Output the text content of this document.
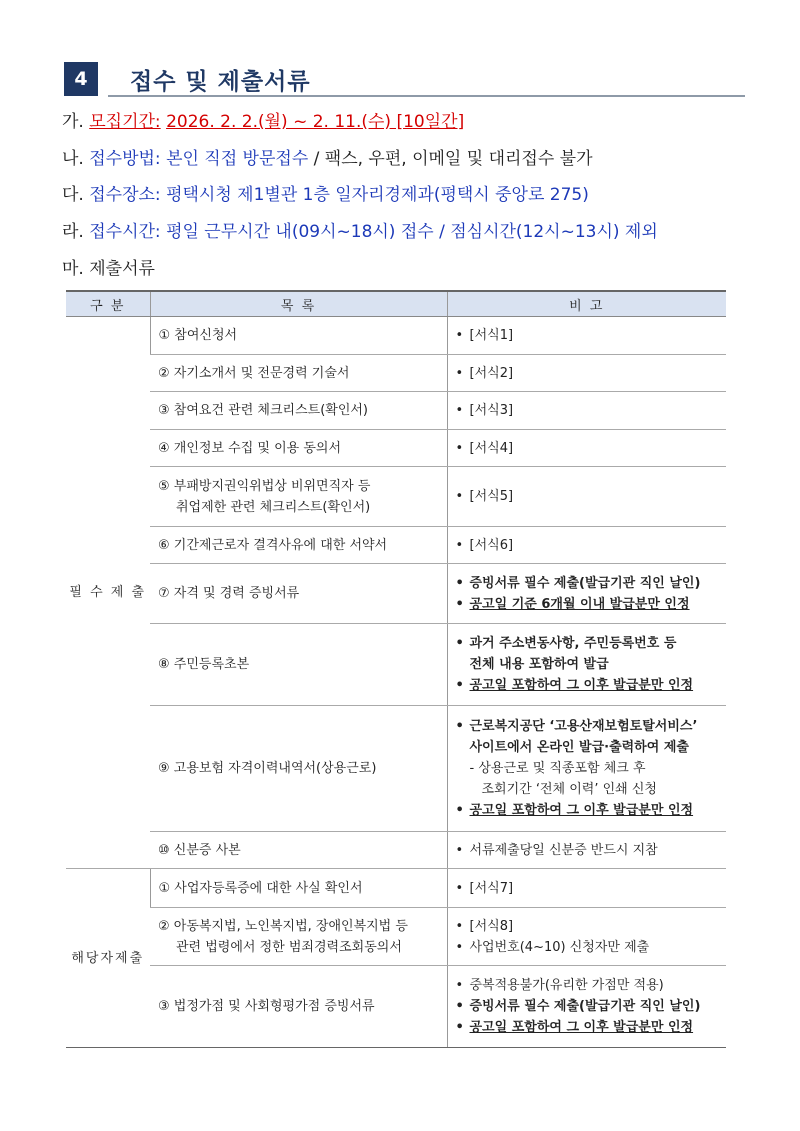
4	접수 및 제출서류
가. 모집기간: 2026. 2. 2.(월) ~ 2. 11.(수) [10일간]
나. 접수방법: 본인 직접 방문접수 / 팩스, 우편, 이메일 및 대리접수 불가
다. 접수장소: 평택시청 제1별관 1층 일자리경제과(평택시 중앙로 275)
라. 접수시간: 평일 근무시간 내(09시~18시) 접수 / 점심시간(12시~13시) 제외
마. 제출서류
구 분	목 록	비 고
필 수 제 출	① 참여신청서	• [서식1]

	② 자기소개서 및 전문경력 기술서	• [서식2]

	③ 참여요건 관련 체크리스트(확인서)	• [서식3]

	④ 개인정보 수집 및 이용 동의서	• [서식4]

	⑤ 부패방지권익위법상 비위면직자 등
취업제한 관련 체크리스트(확인서)	• [서식5]

	⑥ 기간제근로자 결격사유에 대한 서약서	• [서식6]

	⑦ 자격 및 경력 증빙서류	• 증빙서류 필수 제출(발급기관 직인 날인)
• 공고일 기준 6개월 이내 발급분만 인정

	⑧ 주민등록초본	• 과거 주소변동사항, 주민등록번호 등
전체 내용 포함하여 발급
• 공고일 포함하여 그 이후 발급분만 인정

	⑨ 고용보험 자격이력내역서(상용근로)	• 근로복지공단 ‘고용산재보험토탈서비스’
사이트에서 온라인 발급·출력하여 제출
- 상용근로 및 직종포함 체크 후
조회기간 ‘전체 이력’ 인쇄 신청
• 공고일 포함하여 그 이후 발급분만 인정

	⑩ 신분증 사본	• 서류제출당일 신분증 반드시 지참

해당자제출	① 사업자등록증에 대한 사실 확인서	• [서식7]

	② 아동복지법, 노인복지법, 장애인복지법 등
관련 법령에서 정한 범죄경력조회동의서	• [서식8]
• 사업번호(4~10) 신청자만 제출

	③ 법정가점 및 사회형평가점 증빙서류	• 중복적용불가(유리한 가점만 적용)
• 증빙서류 필수 제출(발급기관 직인 날인)
• 공고일 포함하여 그 이후 발급분만 인정
